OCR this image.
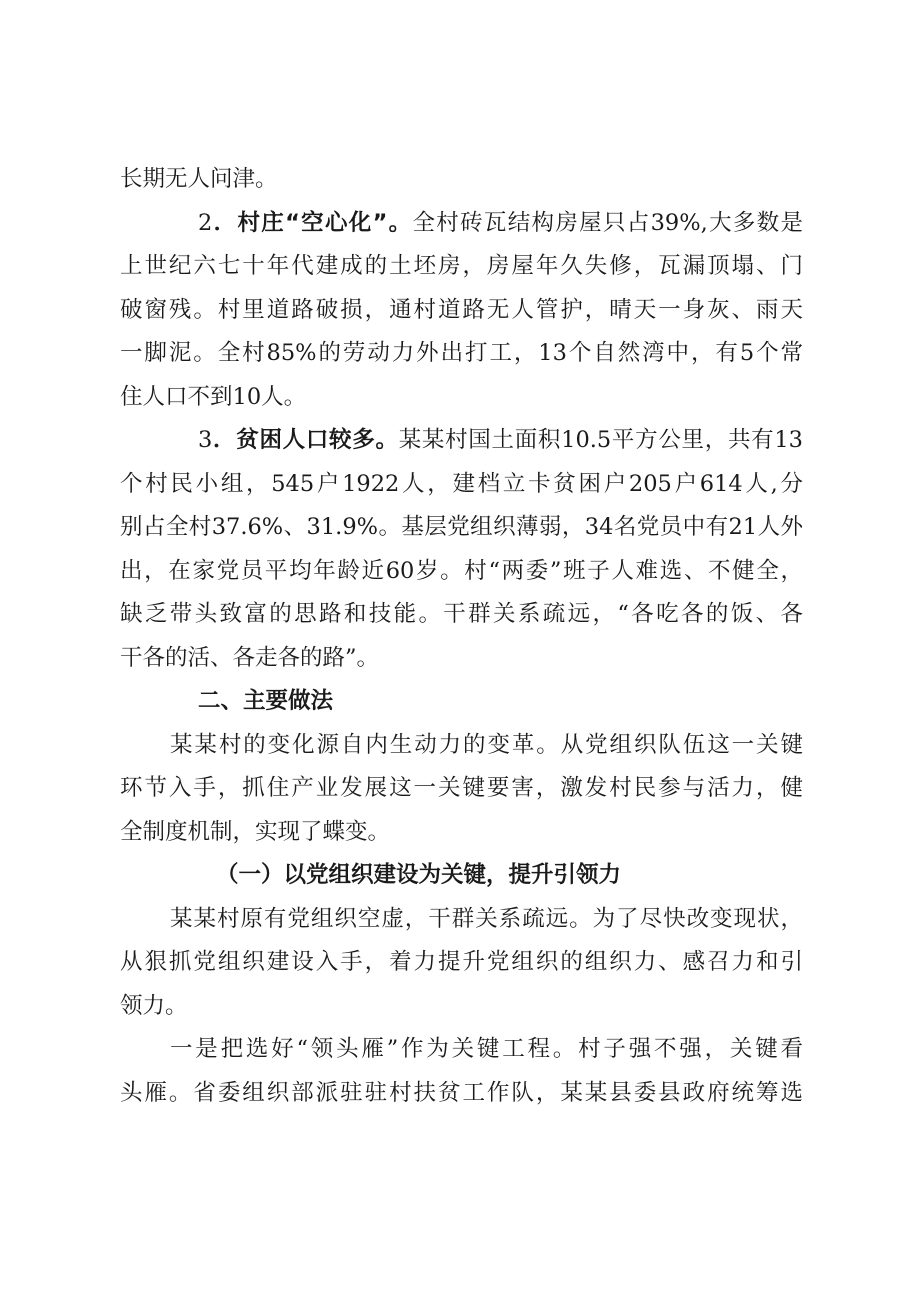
长期无人问津。
2．村庄“空心化”。全村砖瓦结构房屋只占39%,大多数是
上世纪六七十年代建成的土坯房，房屋年久失修，瓦漏顶塌、门
破窗残。村里道路破损，通村道路无人管护，晴天一身灰、雨天
一脚泥。全村85%的劳动力外出打工，13个自然湾中，有5个常
住人口不到10人。
3．贫困人口较多。某某村国土面积10.5平方公里，共有13
个村民小组，545户1922人，建档立卡贫困户205户614人,分
别占全村37.6%、31.9%。基层党组织薄弱，34名党员中有21人外
出，在家党员平均年龄近60岁。村“两委”班子人难选、不健全，
缺乏带头致富的思路和技能。干群关系疏远，“各吃各的饭、各
干各的活、各走各的路”。
二、主要做法
某某村的变化源自内生动力的变革。从党组织队伍这一关键
环节入手，抓住产业发展这一关键要害，激发村民参与活力，健
全制度机制，实现了蝶变。
（一）以党组织建设为关键，提升引领力
某某村原有党组织空虚，干群关系疏远。为了尽快改变现状，
从狠抓党组织建设入手，着力提升党组织的组织力、感召力和引
领力。
一是把选好“领头雁”作为关键工程。村子强不强，关键看
头雁。省委组织部派驻驻村扶贫工作队，某某县委县政府统筹选
